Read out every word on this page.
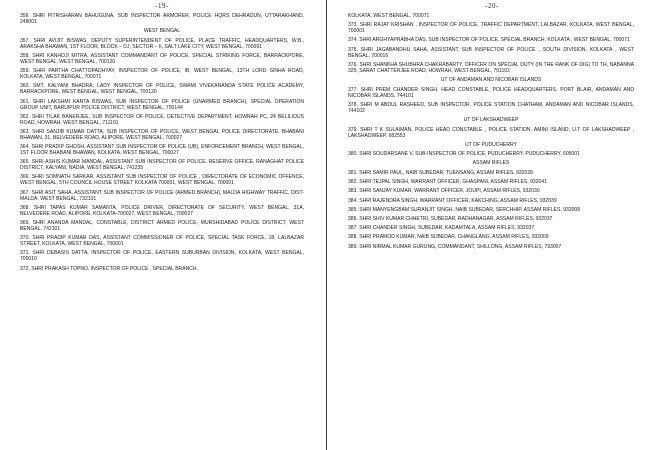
-19-
356. SHRI PITRISHARAN BAHUGUNA, SUB INSPECTOR ARMORER, POLICE HQRS DEHRADUN, UTTARAKHAND, 248001
WEST BENGAL
357. SHRI AVIJIT BISWAS, DEPUTY SUPERINTENDENT OF POLICE, PLACE TRAFFIC, HEADQUARTERS, W.B., ARAKSHA BHAWAN, 1ST FLOOR, BLOCK – DJ, SECTOR – II, SALT LAKE CITY, WEST BENGAL, 700091
358. SHRI KANHOJI MITRA, ASSISTANT COMMANDANT OF POLICE, SPECIAL STRIKING FORCE, BARRACKPORE, WEST BENGAL, WEST BENGAL, 700120
359. SHRI PARTHA CHATTOPADHYAY, INSPECTOR OF POLICE, IB, WEST BENGAL, 13TH LORD SINHA ROAD, KOLKATA, WEST BENGAL, 700071
360. SMT. KALYANI BHADRA, LADY INSPECTOR OF POLICE, SWAMI VIVEKANANDA STATE POLICE ACADEMY, BARRACKPORE, WEST BENGAL, WEST BENGAL, 700120
361. SHRI LAKSHMI KANTA BISWAS, SUB INSPECTOR OF POLICE (UNARMED BRANCH), SPECIAL OPERATION GROUP UNIT, BARUIPUR POLICE DISTRICT, WEST BENGAL, 700144
362. SHRI TILAK BANERJEE, SUB INSPECTOR OF POLICE, DETECTIVE DEPARTMENT, HOWRAH PC, 24 BELILIOUS ROAD, HOWRAH, WEST BENGAL, 711101
363. SHRI SANJIB KUMAR DATTA, SUB INSPECTOR OF POLICE, WEST BENGAL POLICE DIRECTORATE, BHABANI BHAWAN, 31, BELVEDERE ROAD, ALIPORE, WEST BENGAL, 700027
364. SHRI PRADIP GHOSH, ASSISTANT SUB INSPECTOR OF POLICE (UB), ENFORCEMENT BRANCH, WEST BENGAL, 1ST FLOOR BHABANI BHAWAN, KOLKATA, WEST BENGAL, 700027
365. SHRI ASHIS KUMAR MANDAL, ASSISTANT SUB INSPECTOR OF POLICE, RESERVE OFFICE, RANAGHAT POLICE DISTRICT, KALYANI, NADIA, WEST BENGAL, 741235
366. SHRI SOMNATH SARKAR, ASSISTANT SUB INSPECTOR OF POLICE , DIRECTORATE OF ECONOMIC OFFENCE, WEST BENGAL, 5TH COUNCIL HOUSE STREET KOLKATA 700001, WEST BENGAL, 700001
367. SHRI ASIT SAHA, ASSISTANT SUB INSPECTOR OF POLICE (ARMED BRANCH), MALDA HIGHWAY TRAFFIC, DIST-MALDA, WEST BENGAL, 732101
368. SHRI TAPAS KUMAR SAMANTA, POLICE DRIVER, DIRECTORATE OF SECURITY, WEST BENGAL, 31A, BELVEDERE ROAD, ALIPORE, KOLKATA-700027, WEST BENGAL, 700027
369. SHRI ANANDA MANDAL, CONSTABLE, DISTRICT ARMED POLICE, MURSHIDABAD POLICE DISTRICT, WEST BENGAL, 742101
370. SHRI PRADIP KUMAR DAS, ASSISTANT COMMISSIONER OF POLICE, SPECIAL TASK FORCE, 18, LALBAZAR STREET, KOLKATA, WEST BENGAL, 700001
371. SHRI DEBASIS DATTA, INSPECTOR OF POLICE, EASTERN SUBURBAN DIVISION, KOLKATA, WEST BENGAL, 700010
372. SHRI PRAKASH TOPNO, INSPECTOR OF POLICE , SPECIAL BRANCH,
-20-
KOLKATA, WEST BENGAL, 700071
373. SHRI RAJAT KRISHAN , INSPECTOR OF POLICE, TRAFFIC DEPARTMENT, LALBAZAR, KOLKATA, WEST BENGAL, 700001
374. SHRI ARGHYAPRABHA DAS, SUB INSPECTOR OF POLICE, SPECIAL BRANCH, KOLKATA , WEST BENGAL, 700071
375. SHRI JAGABANDHU SAHA, ASSISTANT SUB INSPECTOR OF POLICE , SOUTH DIVISION, KOLKATA , WEST BENGAL, 700016
376. SHRI SHANKHA SHUBHRA CHAKRABARTY, OFFICER ON SPECIAL DUTY (IN THE RANK OF DIG) TO TH, NABANNA 325, SARAT CHATTERJEE ROAD, HOWRAH, WEST BENGAL, 701102
UT OF ANDAMAN AND NICOBAR ISLANDS
377. SHRI PREM CHANDER SINGH, HEAD CONSTABLE, POLICE HEADQUARTERS, PORT BLAIR, ANDAMAN AND NICOBAR ISLANDS, 744101
378. SHRI M ABDUL RASHEED, SUB INSPECTOR, POLICE STATION CHATHAM, ANDAMAN AND NICOBAR ISLANDS, 744102
UT OF LAKSHADWEEP
379. SHRI T K SULAIMAN, POLICE HEAD CONSTABLE , POLICE STATION, AMINI ISLAND, U.T OF LAKSHADWEEP , LAKSHADWEEP, 682553
UT OF PUDUCHERRY
380. SHRI SOUDARSANE V, SUB-INSPECTOR OF POLICE, PUDUCHERRY, PUDUCHERRY, 605001
ASSAM RIFLES
381. SHRI SAMIR PAUL, NAIB SUBEDAR, TUENSANG, ASSAM RIFLES, 932028
382. SHRI TEJPAL SINGH, WARRANT OFFICER, GHASPANI, ASSAM RIFLES, 932041
383. SHRI SANJAY KUMAR, WARRANT OFFICER, JOUPI, ASSAM RIFLES, 932030
384. SHRI RAJENDRA SINGH, WARRANT OFFICER, KAKCHING, ASSAM RIFLES, 932039
385. SHRI MANYENGBAM SURANJIT SINGH, NAIB SUBEDAR, SERCHHIP, ASSAM RIFLES, 932008
386. SHRI SHIV KUMAR CHHETRI, SUBEDAR, RADHANAGAR, ASSAM RIFLES, 932037
387. SHRI CHANDER SINGH, SUBEDAR, KADAMTALA, ASSAM RIFLES, 932037
388. SHRI PRAMOD KUMAR, NAIB SUBEDAR, CHANGLANG, ASSAM RIFLES, 932009
389. SHRI NIRMAL KUMAR GURUNG, COMMANDANT, SHILLONG, ASSAM RIFLES, 793007
